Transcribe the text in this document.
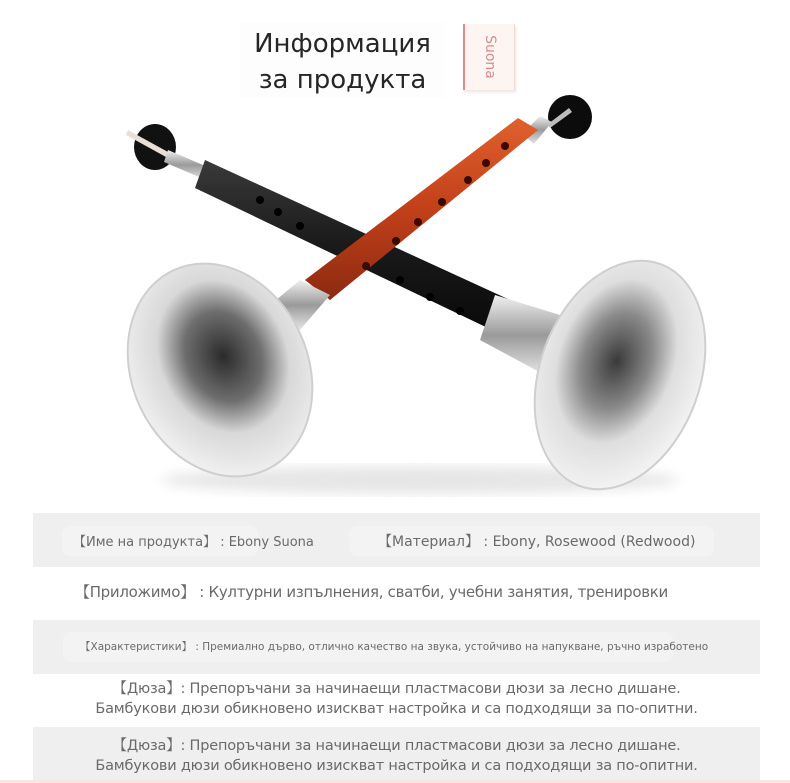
Информация
за продукта
Suona
【Име на продукта】 : Ebony Suona	【Материал】 : Ebony, Rosewood (Redwood)
【Приложимо】 : Културни изпълнения, сватби, учебни занятия, тренировки
【Характеристики】 : Премиално дърво, отлично качество на звука, устойчиво на напукване, ръчно изработено
【Дюза】: Препоръчани за начинаещи пластмасови дюзи за лесно дишане.
Бамбукови дюзи обикновено изискват настройка и са подходящи за по-опитни.
【Дюза】: Препоръчани за начинаещи пластмасови дюзи за лесно дишане.
Бамбукови дюзи обикновено изискват настройка и са подходящи за по-опитни.
